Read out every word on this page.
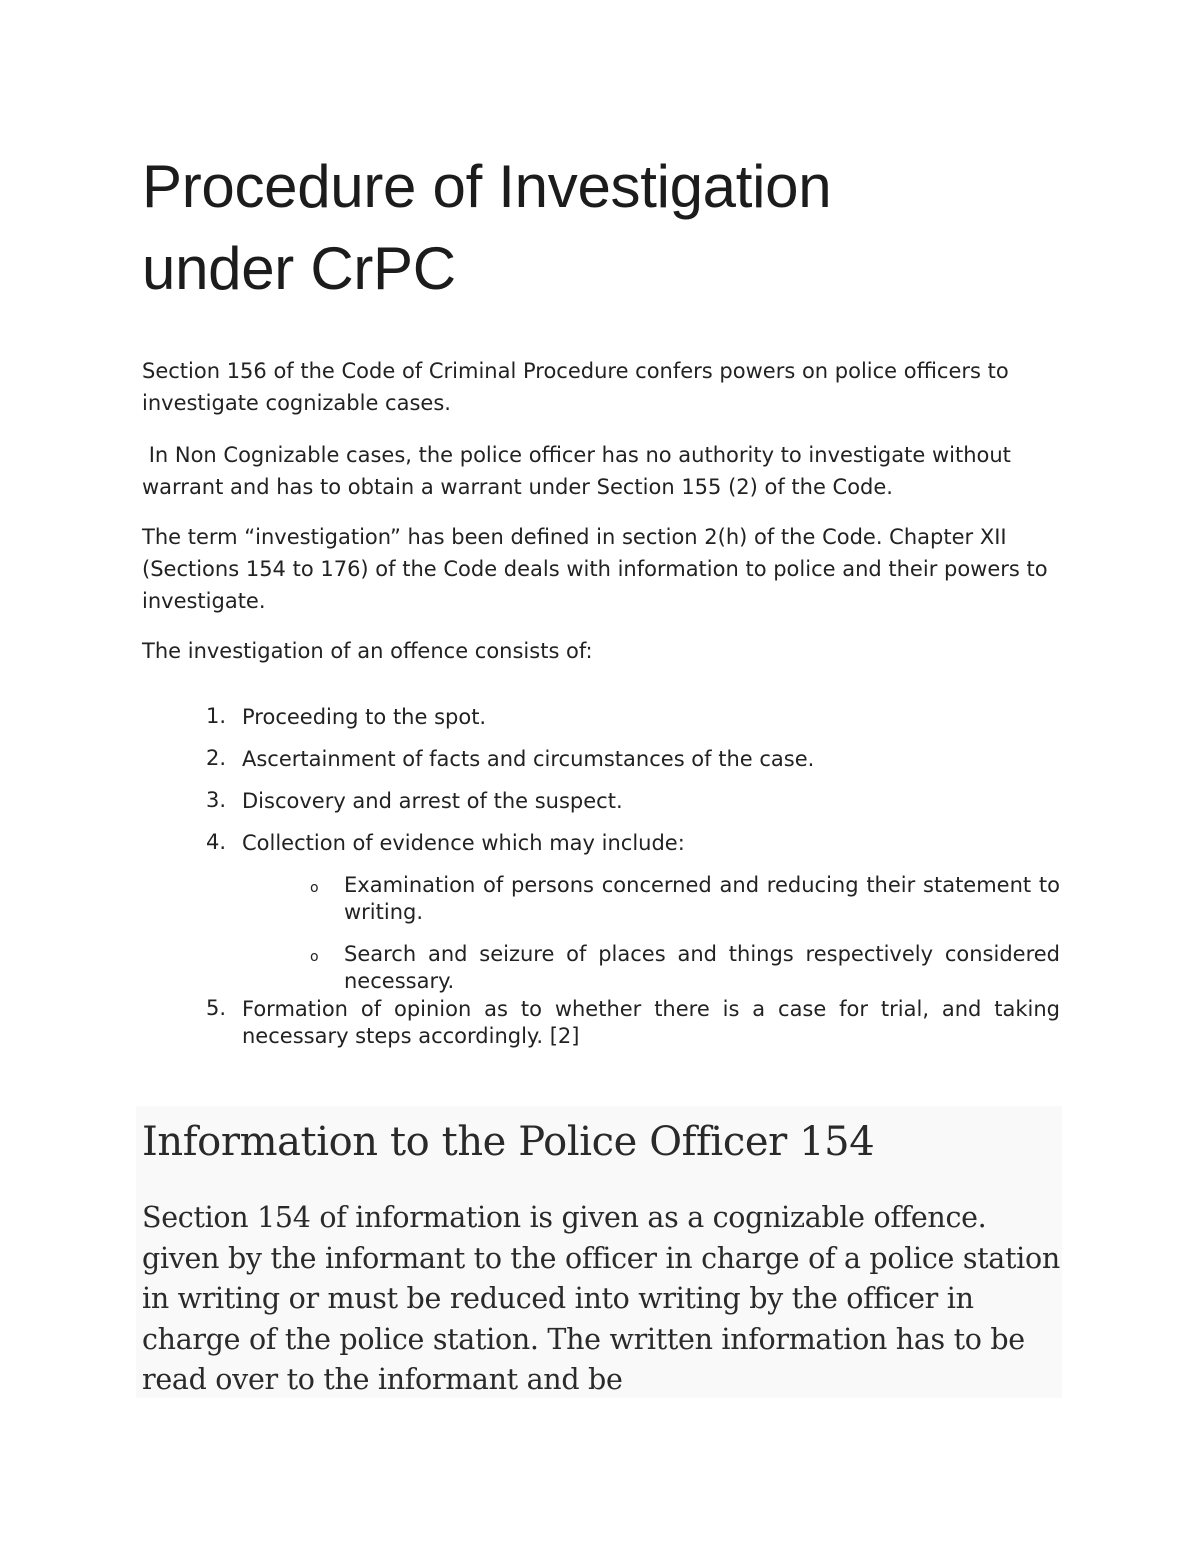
Procedure of Investigation
under CrPC

Section 156 of the Code of Criminal Procedure confers powers on police officers to investigate cognizable cases.

In Non Cognizable cases, the police officer has no authority to investigate without warrant and has to obtain a warrant under Section 155 (2) of the Code.

The term “investigation” has been defined in section 2(h) of the Code. Chapter XII (Sections 154 to 176) of the Code deals with information to police and their powers to investigate.

The investigation of an offence consists of:

1. Proceeding to the spot.
2. Ascertainment of facts and circumstances of the case.
3. Discovery and arrest of the suspect.
4. Collection of evidence which may include:
o Examination of persons concerned and reducing their statement to writing.
o Search and seizure of places and things respectively considered necessary.
5. Formation of opinion as to whether there is a case for trial, and taking necessary steps accordingly. [2]
Information to the Police Officer 154

Section 154 of information is given as a cognizable offence. given by the informant to the officer in charge of a police station in writing or must be reduced into writing by the officer in charge of the police station. The written information has to be read over to the informant and be
